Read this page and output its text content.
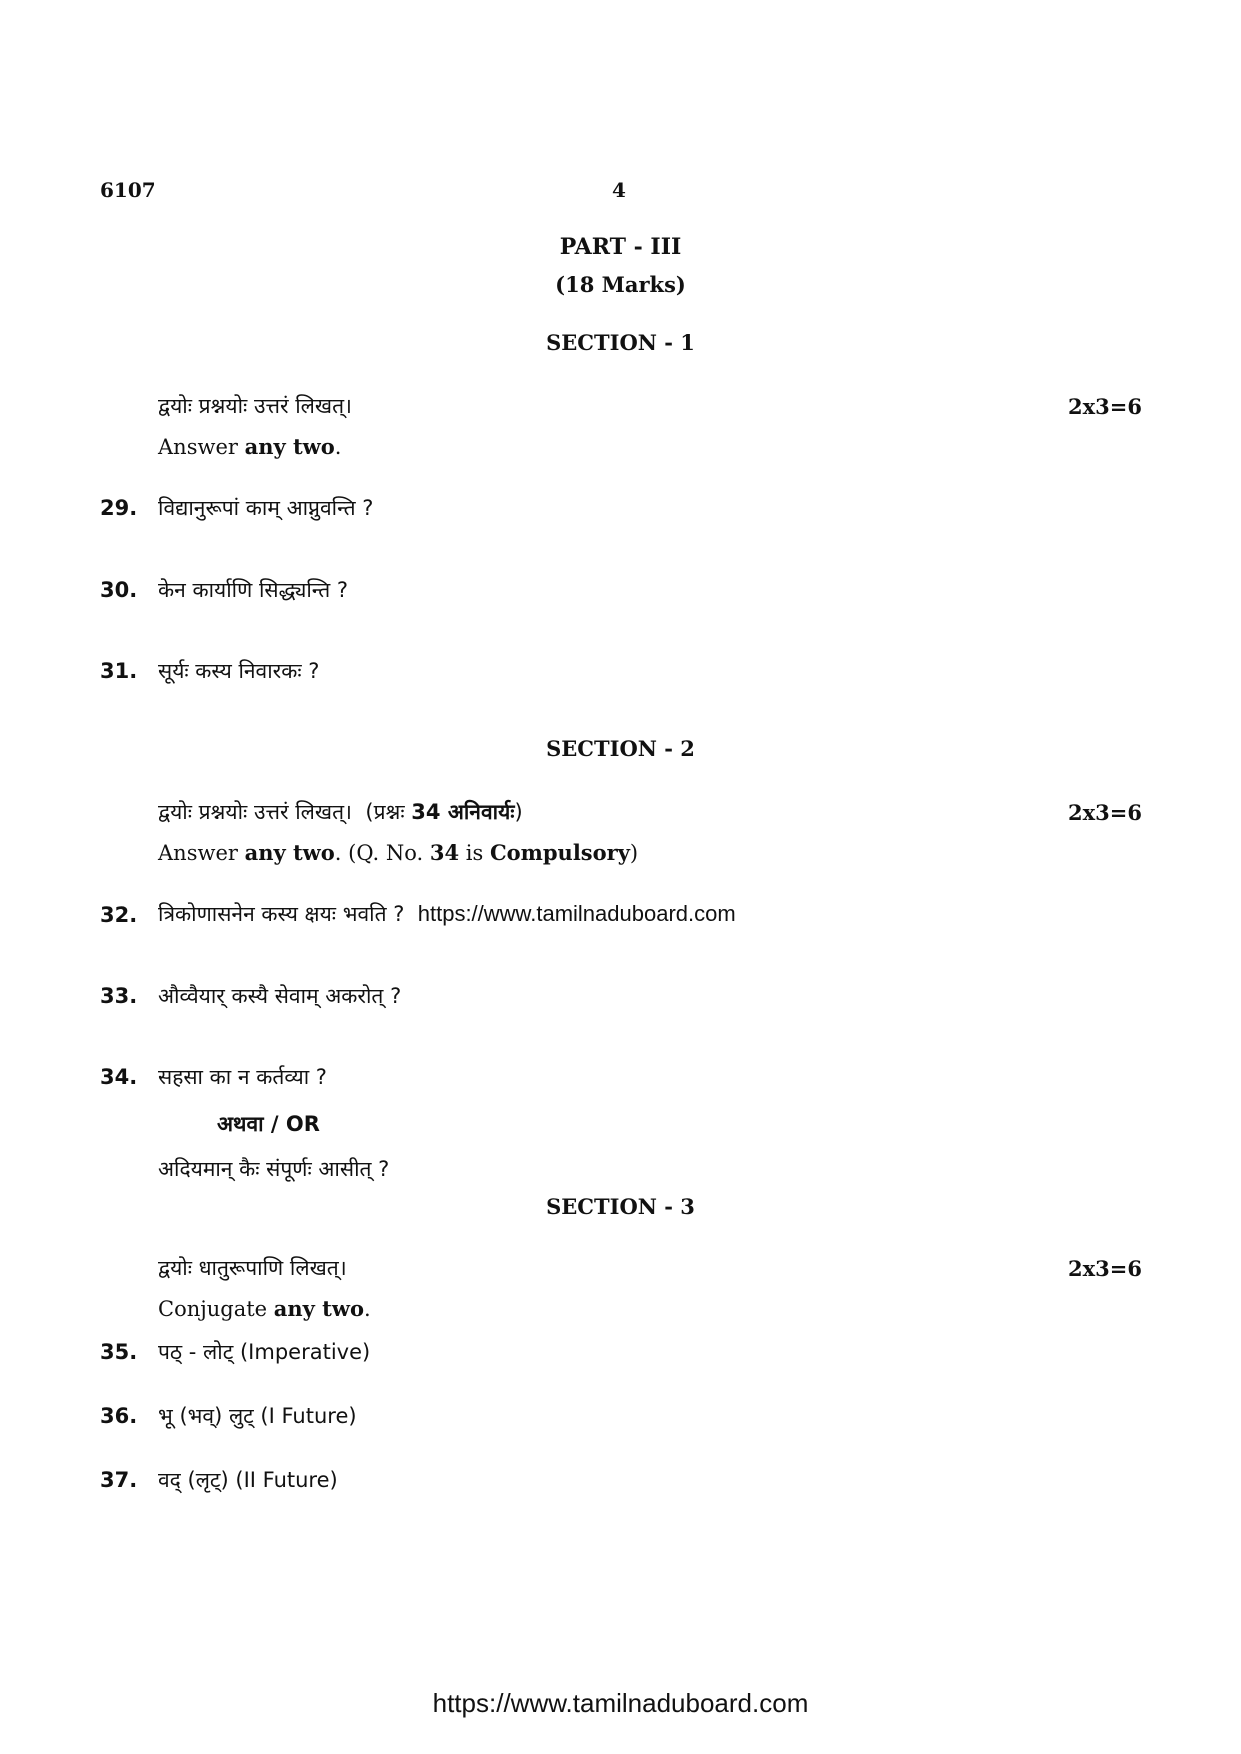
6107	4
PART - III
(18 Marks)
SECTION - 1
द्वयोः प्रश्नयोः उत्तरं लिखत्।	2x3=6
Answer any two.
29. विद्यानुरूपां काम् आप्नुवन्ति ?
30. केन कार्याणि सिद्ध्यन्ति ?
31. सूर्यः कस्य निवारकः ?
SECTION - 2
द्वयोः प्रश्नयोः उत्तरं लिखत्। (प्रश्नः 34 अनिवार्यः)	2x3=6
Answer any two. (Q. No. 34 is Compulsory)
32. त्रिकोणासनेन कस्य क्षयः भवति ? https://www.tamilnaduboard.com
33. औव्वैयार् कस्यै सेवाम् अकरोत् ?
34. सहसा का न कर्तव्या ?
अथवा / OR
अदियमान् कैः संपूर्णः आसीत् ?
SECTION - 3
द्वयोः धातुरूपाणि लिखत्।	2x3=6
Conjugate any two.
35. पठ् - लोट् (Imperative)
36. भू (भव्) लुट् (I Future)
37. वद् (लृट्) (II Future)
https://www.tamilnaduboard.com
